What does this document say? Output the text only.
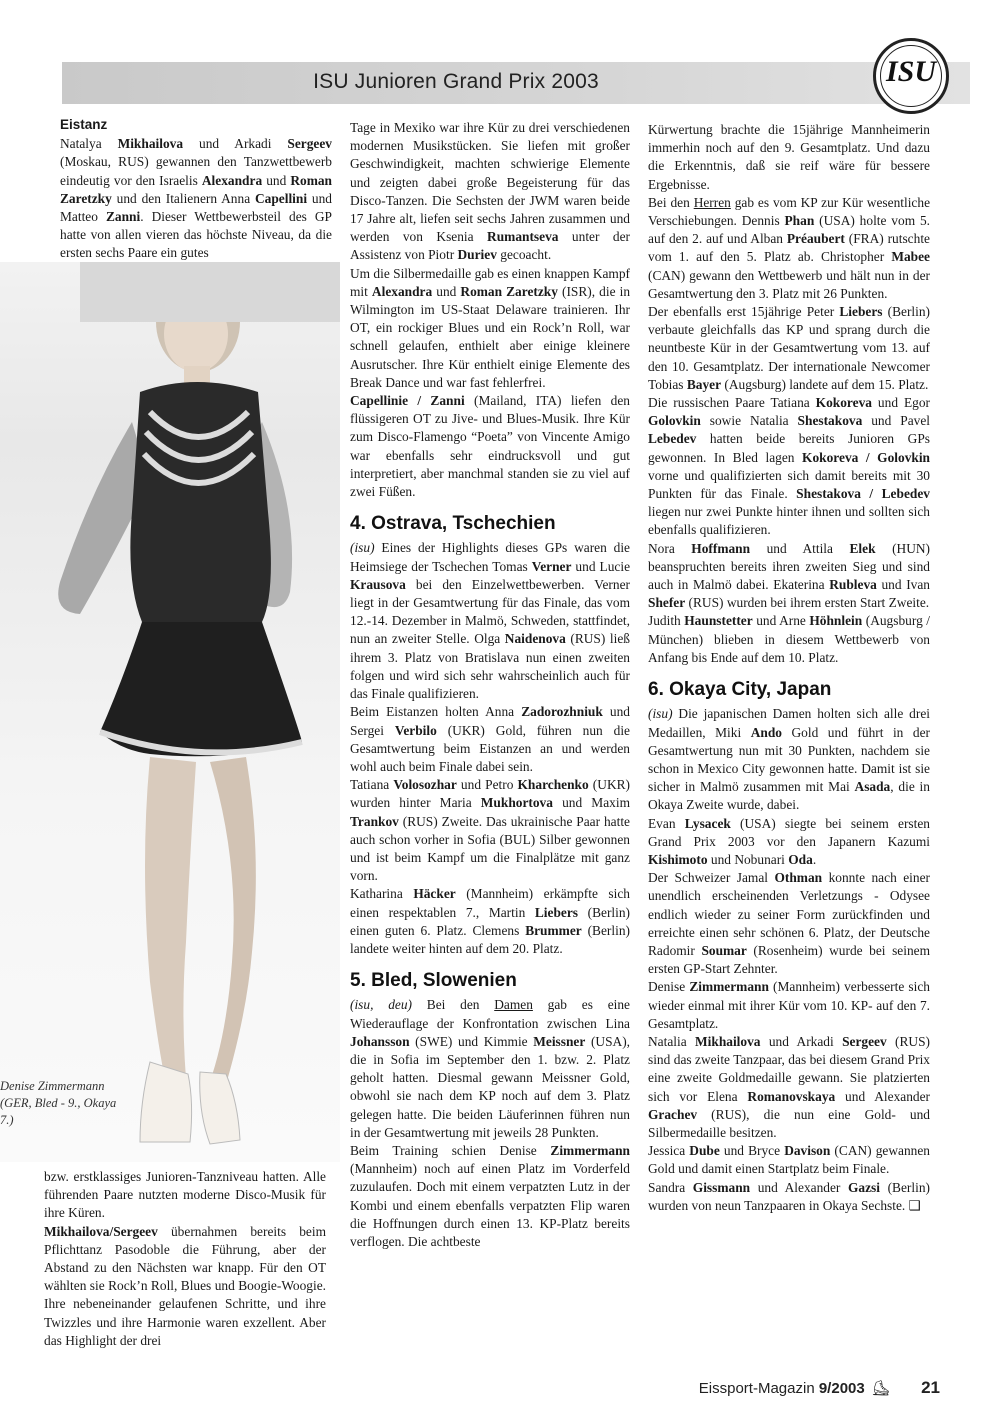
ISU Junioren Grand Prix 2003	ISU
Denise Zimmermann (GER, Bled - 9., Okaya 7.)
Eistanz

Natalya Mikhailova und Arkadi Sergeev (Moskau, RUS) gewannen den Tanzwettbewerb eindeutig vor den Israelis Alexandra und Roman Zaretzky und den Italienern Anna Capellini und Matteo Zanni. Dieser Wettbewerbsteil des GP hatte von allen vieren das höchste Niveau, da die ersten sechs Paare ein gutes

bzw. erstklassiges Junioren-Tanzniveau hatten. Alle führenden Paare nutzten moderne Disco-Musik für ihre Küren.

Mikhailova/Sergeev übernahmen bereits beim Pflichttanz Pasodoble die Führung, aber der Abstand zu den Nächsten war knapp. Für den OT wählten sie Rock’n Roll, Blues und Boogie-Woogie. Ihre nebeneinander gelaufenen Schritte, und ihre Twizzles und ihre Harmonie waren exzellent. Aber das Highlight der drei

Tage in Mexiko war ihre Kür zu drei verschiedenen modernen Musikstücken. Sie liefen mit großer Geschwindigkeit, machten schwierige Elemente und zeigten dabei große Begeisterung für das Disco-Tanzen. Die Sechsten der JWM waren beide 17 Jahre alt, liefen seit sechs Jahren zusammen und werden von Ksenia Rumantseva unter der Assistenz von Piotr Duriev gecoacht.

Um die Silbermedaille gab es einen knappen Kampf mit Alexandra und Roman Zaretzky (ISR), die in Wilmington im US-Staat Delaware trainieren. Ihr OT, ein rockiger Blues und ein Rock’n Roll, war schnell gelaufen, enthielt aber einige kleinere Ausrutscher. Ihre Kür enthielt einige Elemente des Break Dance und war fast fehlerfrei.

Capellinie / Zanni (Mailand, ITA) liefen den flüssigeren OT zu Jive- und Blues-Musik. Ihre Kür zum Disco-Flamengo “Poeta” von Vincente Amigo war ebenfalls sehr eindrucksvoll und gut interpretiert, aber manchmal standen sie zu viel auf zwei Füßen.

4. Ostrava, Tschechien

(isu) Eines der Highlights dieses GPs waren die Heimsiege der Tschechen Tomas Verner und Lucie Krausova bei den Einzelwettbewerben. Verner liegt in der Gesamtwertung für das Finale, das vom 12.-14. Dezember in Malmö, Schweden, stattfindet, nun an zweiter Stelle. Olga Naidenova (RUS) ließ ihrem 3. Platz von Bratislava nun einen zweiten folgen und wird sich sehr wahrscheinlich auch für das Finale qualifizieren.

Beim Eistanzen holten Anna Zadorozhniuk und Sergei Verbilo (UKR) Gold, führen nun die Gesamtwertung beim Eistanzen an und werden wohl auch beim Finale dabei sein.

Tatiana Volosozhar und Petro Kharchenko (UKR) wurden hinter Maria Mukhortova und Maxim Trankov (RUS) Zweite. Das ukrainische Paar hatte auch schon vorher in Sofia (BUL) Silber gewonnen und ist beim Kampf um die Finalplätze mit ganz vorn.

Katharina Häcker (Mannheim) erkämpfte sich einen respektablen 7., Martin Liebers (Berlin) einen guten 6. Platz. Clemens Brummer (Berlin) landete weiter hinten auf dem 20. Platz.

5. Bled, Slowenien

(isu, deu) Bei den Damen gab es eine Wiederauflage der Konfrontation zwischen Lina Johansson (SWE) und Kimmie Meissner (USA), die in Sofia im September den 1. bzw. 2. Platz geholt hatten. Diesmal gewann Meissner Gold, obwohl sie nach dem KP noch auf dem 3. Platz gelegen hatte. Die beiden Läuferinnen führen nun in der Gesamtwertung mit jeweils 28 Punkten.

Beim Training schien Denise Zimmermann (Mannheim) noch auf einen Platz im Vorderfeld zuzulaufen. Doch mit einem verpatzten Lutz in der Kombi und einem ebenfalls verpatzten Flip waren die Hoffnungen durch einen 13. KP-Platz bereits verflogen. Die achtbeste

Kürwertung brachte die 15jährige Mannheimerin immerhin noch auf den 9. Gesamtplatz. Und dazu die Erkenntnis, daß sie reif wäre für bessere Ergebnisse.

Bei den Herren gab es vom KP zur Kür wesentliche Verschiebungen. Dennis Phan (USA) holte vom 5. auf den 2. auf und Alban Préaubert (FRA) rutschte vom 1. auf den 5. Platz ab. Christopher Mabee (CAN) gewann den Wettbewerb und hält nun in der Gesamtwertung den 3. Platz mit 26 Punkten.

Der ebenfalls erst 15jährige Peter Liebers (Berlin) verbaute gleichfalls das KP und sprang durch die neuntbeste Kür in der Gesamtwertung vom 13. auf den 10. Gesamtplatz. Der internationale Newcomer Tobias Bayer (Augsburg) landete auf dem 15. Platz.

Die russischen Paare Tatiana Kokoreva und Egor Golovkin sowie Natalia Shestakova und Pavel Lebedev hatten beide bereits Junioren GPs gewonnen. In Bled lagen Kokoreva / Golovkin vorne und qualifizierten sich damit bereits mit 30 Punkten für das Finale. Shestakova / Lebedev liegen nur zwei Punkte hinter ihnen und sollten sich ebenfalls qualifizieren.

Nora Hoffmann und Attila Elek (HUN) beanspruchten bereits ihren zweiten Sieg und sind auch in Malmö dabei. Ekaterina Rubleva und Ivan Shefer (RUS) wurden bei ihrem ersten Start Zweite.

Judith Haunstetter und Arne Höhnlein (Augsburg / München) blieben in diesem Wettbewerb von Anfang bis Ende auf dem 10. Platz.

6. Okaya City, Japan

(isu) Die japanischen Damen holten sich alle drei Medaillen, Miki Ando Gold und führt in der Gesamtwertung nun mit 30 Punkten, nachdem sie schon in Mexico City gewonnen hatte. Damit ist sie sicher in Malmö zusammen mit Mai Asada, die in Okaya Zweite wurde, dabei.

Evan Lysacek (USA) siegte bei seinem ersten Grand Prix 2003 vor den Japanern Kazumi Kishimoto und Nobunari Oda.

Der Schweizer Jamal Othman konnte nach einer unendlich erscheinenden Verletzungs - Odysee endlich wieder zu seiner Form zurückfinden und erreichte einen sehr schönen 6. Platz, der Deutsche Radomir Soumar (Rosenheim) wurde bei seinem ersten GP-Start Zehnter.

Denise Zimmermann (Mannheim) verbesserte sich wieder einmal mit ihrer Kür vom 10. KP- auf den 7. Gesamtplatz.

Natalia Mikhailova und Arkadi Sergeev (RUS) sind das zweite Tanzpaar, das bei diesem Grand Prix eine zweite Goldmedaille gewann. Sie platzierten sich vor Elena Romanovskaya und Alexander Grachev (RUS), die nun eine Gold- und Silbermedaille besitzen.

Jessica Dube und Bryce Davison (CAN) gewannen Gold und damit einen Startplatz beim Finale.

Sandra Gissmann und Alexander Gazsi (Berlin) wurden von neun Tanzpaaren in Okaya Sechste. ❑

Eissport-Magazin 9/2003 ⛸ 21
